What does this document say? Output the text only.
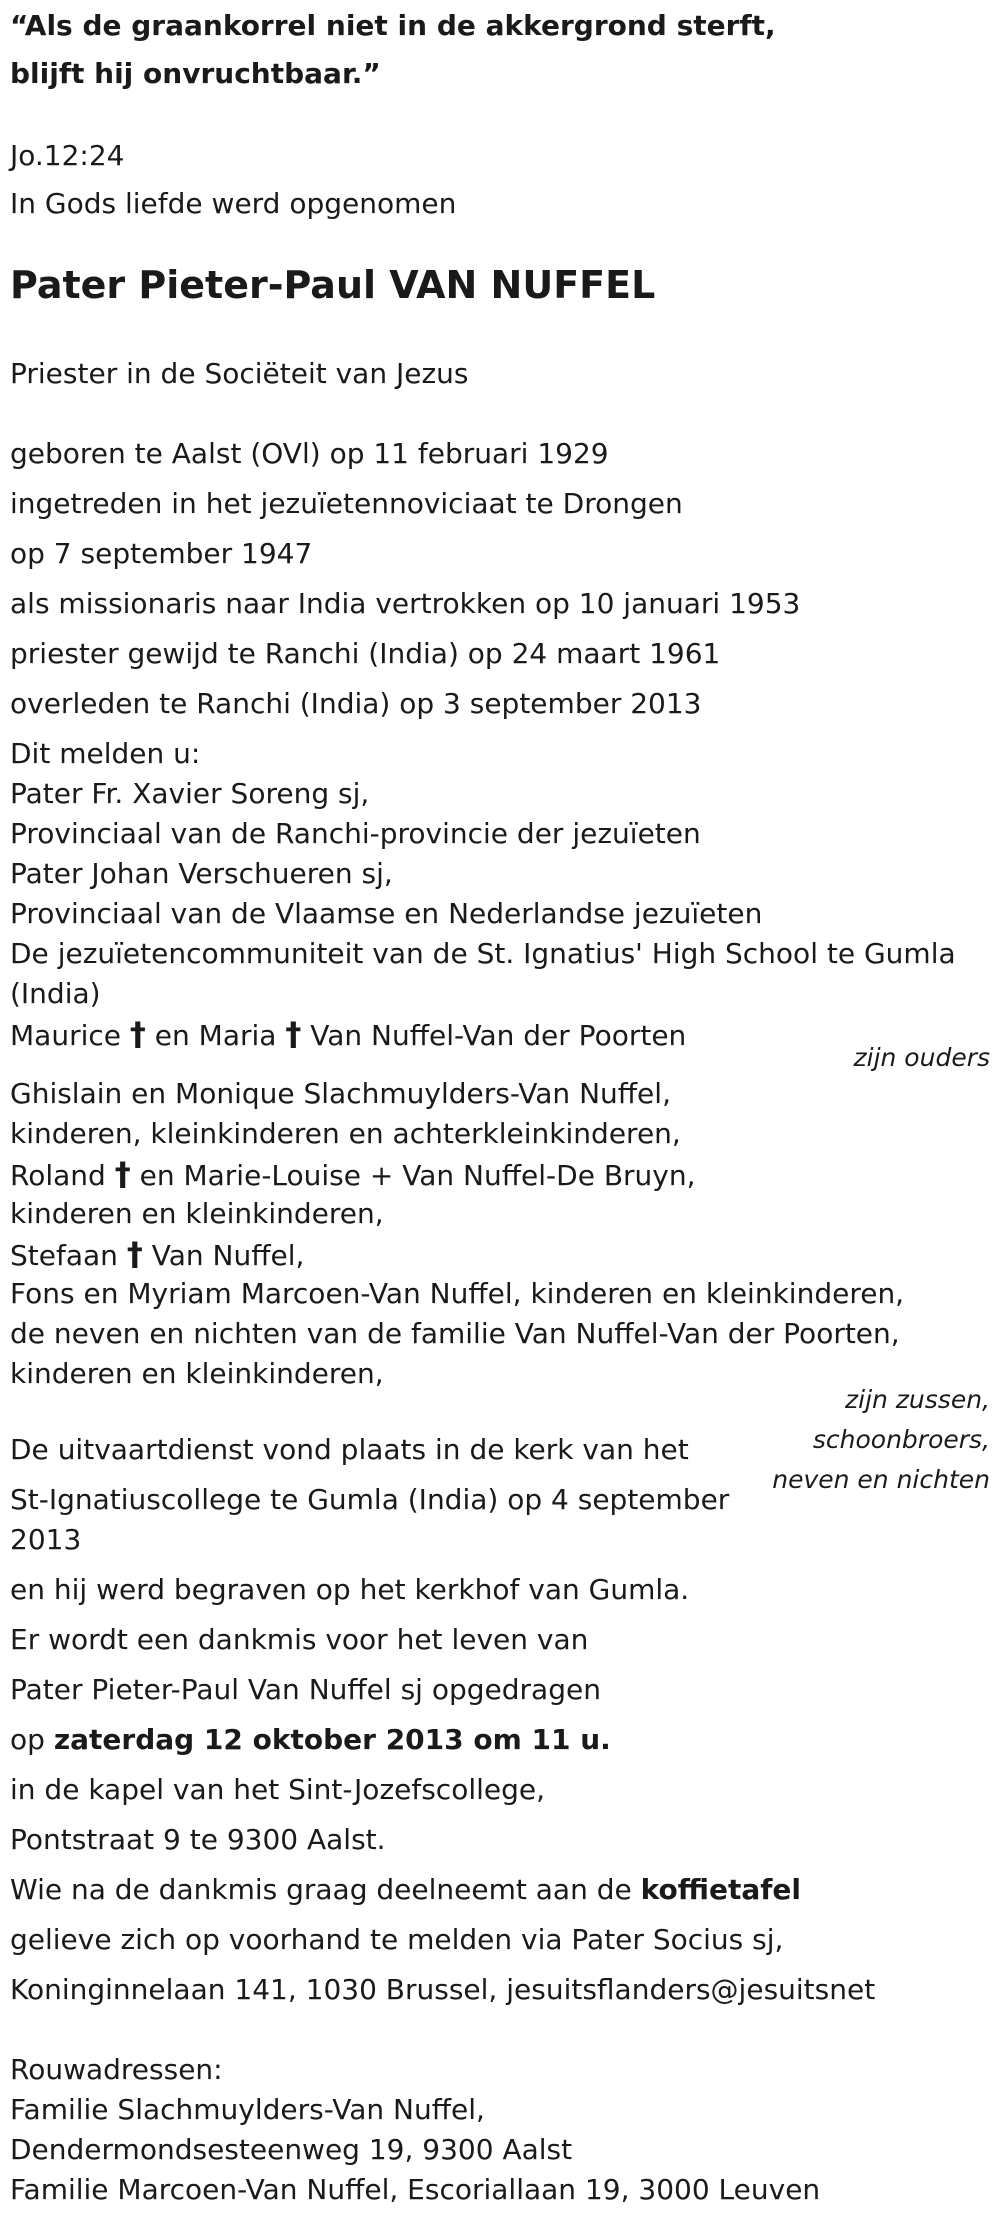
“Als de graankorrel niet in de akkergrond sterft,
blijft hij onvruchtbaar.”
Jo.12:24
In Gods liefde werd opgenomen
Pater Pieter-Paul VAN NUFFEL
Priester in de Sociëteit van Jezus
geboren te Aalst (OVl) op 11 februari 1929
ingetreden in het jezuïetennoviciaat te Drongen
op 7 september 1947
als missionaris naar India vertrokken op 10 januari 1953
priester gewijd te Ranchi (India) op 24 maart 1961
overleden te Ranchi (India) op 3 september 2013
Dit melden u:
Pater Fr. Xavier Soreng sj,
Provinciaal van de Ranchi-provincie der jezuïeten
Pater Johan Verschueren sj,
Provinciaal van de Vlaamse en Nederlandse jezuïeten
De jezuïetencommuniteit van de St. Ignatius' High School te Gumla
(India)
Maurice † en Maria † Van Nuffel-Van der Poorten
zijn ouders
Ghislain en Monique Slachmuylders-Van Nuffel,
kinderen, kleinkinderen en achterkleinkinderen,
Roland † en Marie-Louise + Van Nuffel-De Bruyn,
kinderen en kleinkinderen,
Stefaan † Van Nuffel,
Fons en Myriam Marcoen-Van Nuffel, kinderen en kleinkinderen,
de neven en nichten van de familie Van Nuffel-Van der Poorten,
kinderen en kleinkinderen,
zijn zussen,
schoonbroers,
neven en nichten
De uitvaartdienst vond plaats in de kerk van het
St-Ignatiuscollege te Gumla (India) op 4 september
2013
en hij werd begraven op het kerkhof van Gumla.
Er wordt een dankmis voor het leven van
Pater Pieter-Paul Van Nuffel sj opgedragen
op zaterdag 12 oktober 2013 om 11 u.
in de kapel van het Sint-Jozefscollege,
Pontstraat 9 te 9300 Aalst.
Wie na de dankmis graag deelneemt aan de koffietafel
gelieve zich op voorhand te melden via Pater Socius sj,
Koninginnelaan 141, 1030 Brussel, jesuitsflanders@jesuitsnet
Rouwadressen:
Familie Slachmuylders-Van Nuffel,
Dendermondsesteenweg 19, 9300 Aalst
Familie Marcoen-Van Nuffel, Escoriallaan 19, 3000 Leuven
